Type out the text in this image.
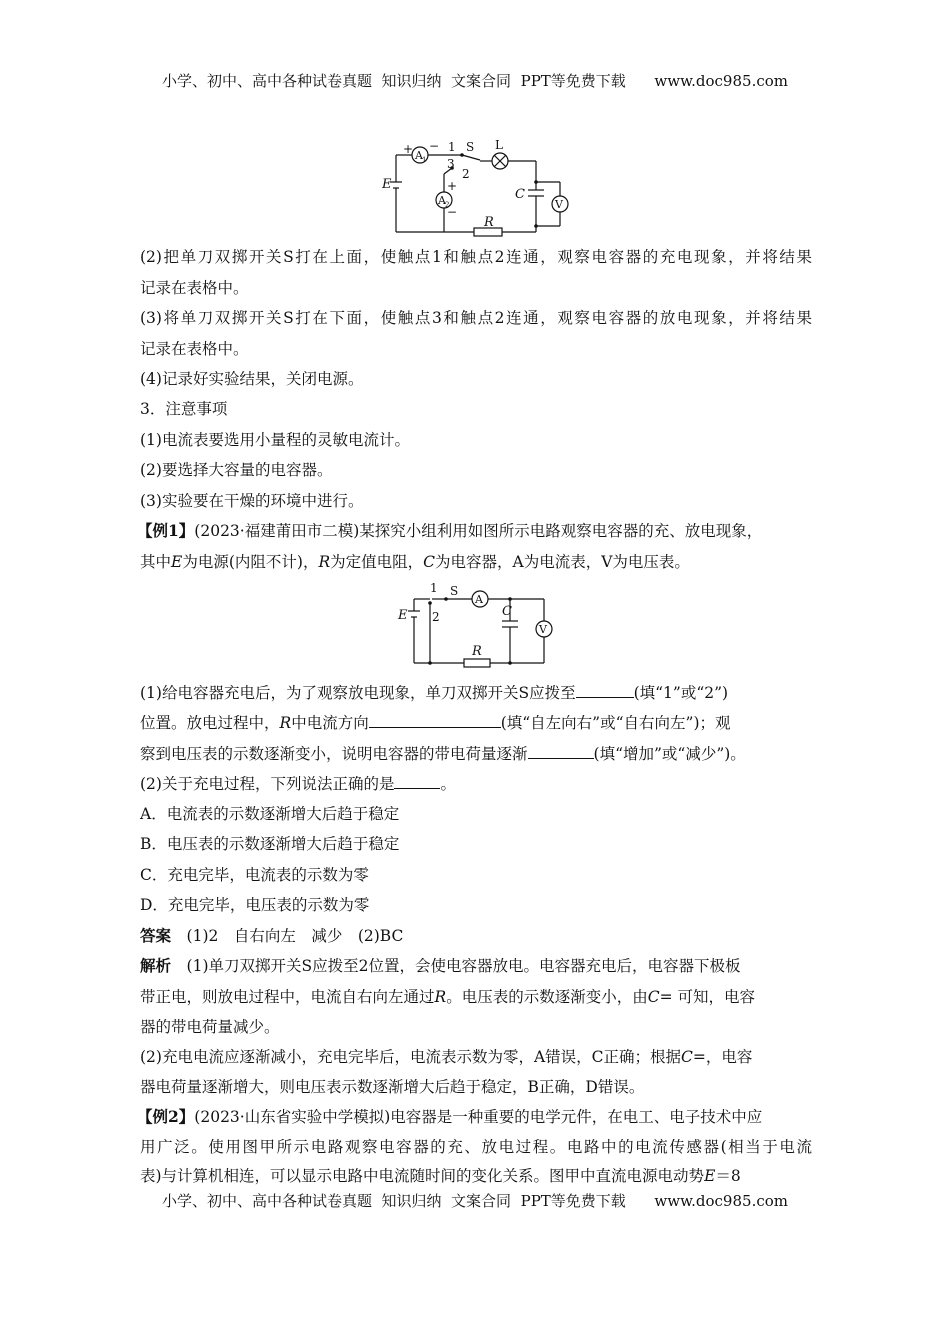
小学、初中、高中各种试卷真题  知识归纳  文案合同  PPT等免费下载      www.doc985.com
小学、初中、高中各种试卷真题  知识归纳  文案合同  PPT等免费下载      www.doc985.com
A 1
+ − 1
3
2
S L
A 2
+
−
E
C
V
R
(2)把单刀双掷开关S打在上面，使触点1和触点2连通，观察电容器的充电现象，并将结果
记录在表格中。
(3)将单刀双掷开关S打在下面，使触点3和触点2连通，观察电容器的放电现象，并将结果
记录在表格中。
(4)记录好实验结果，关闭电源。
3．注意事项
(1)电流表要选用小量程的灵敏电流计。
(2)要选择大容量的电容器。
(3)实验要在干燥的环境中进行。
【例1】(2023·福建莆田市二模)某探究小组利用如图所示电路观察电容器的充、放电现象，
其中E为电源(内阻不计)，R为定值电阻，C为电容器，A为电流表，V为电压表。
1
2
S
A
E	C
V
R
(1)给电容器充电后，为了观察放电现象，单刀双掷开关S应拨至	(填“1”或“2”)
位置。放电过程中，R中电流方向	(填“自左向右”或“自右向左”)；观
察到电压表的示数逐渐变小，说明电容器的带电荷量逐渐	(填“增加”或“减少”)。
(2)关于充电过程，下列说法正确的是	。
A．电流表的示数逐渐增大后趋于稳定
B．电压表的示数逐渐增大后趋于稳定
C．充电完毕，电流表的示数为零
D．充电完毕，电压表的示数为零
答案　 (1)2　自右向左　减少　(2)BC
解析　 (1)单刀双掷开关S应拨至2位置，会使电容器放电。电容器充电后，电容器下极板
带正电，则放电过程中，电流自右向左通过R。电压表的示数逐渐变小，由C= 可知，电容
器的带电荷量减少。
(2)充电电流应逐渐减小，充电完毕后，电流表示数为零，A错误，C正确；根据C=，电容
器电荷量逐渐增大，则电压表示数逐渐增大后趋于稳定，B正确，D错误。
【例2】(2023·山东省实验中学模拟)电容器是一种重要的电学元件，在电工、电子技术中应
用广泛。使用图甲所示电路观察电容器的充、放电过程。电路中的电流传感器(相当于电流
表)与计算机相连，可以显示电路中电流随时间的变化关系。图甲中直流电源电动势E＝8
